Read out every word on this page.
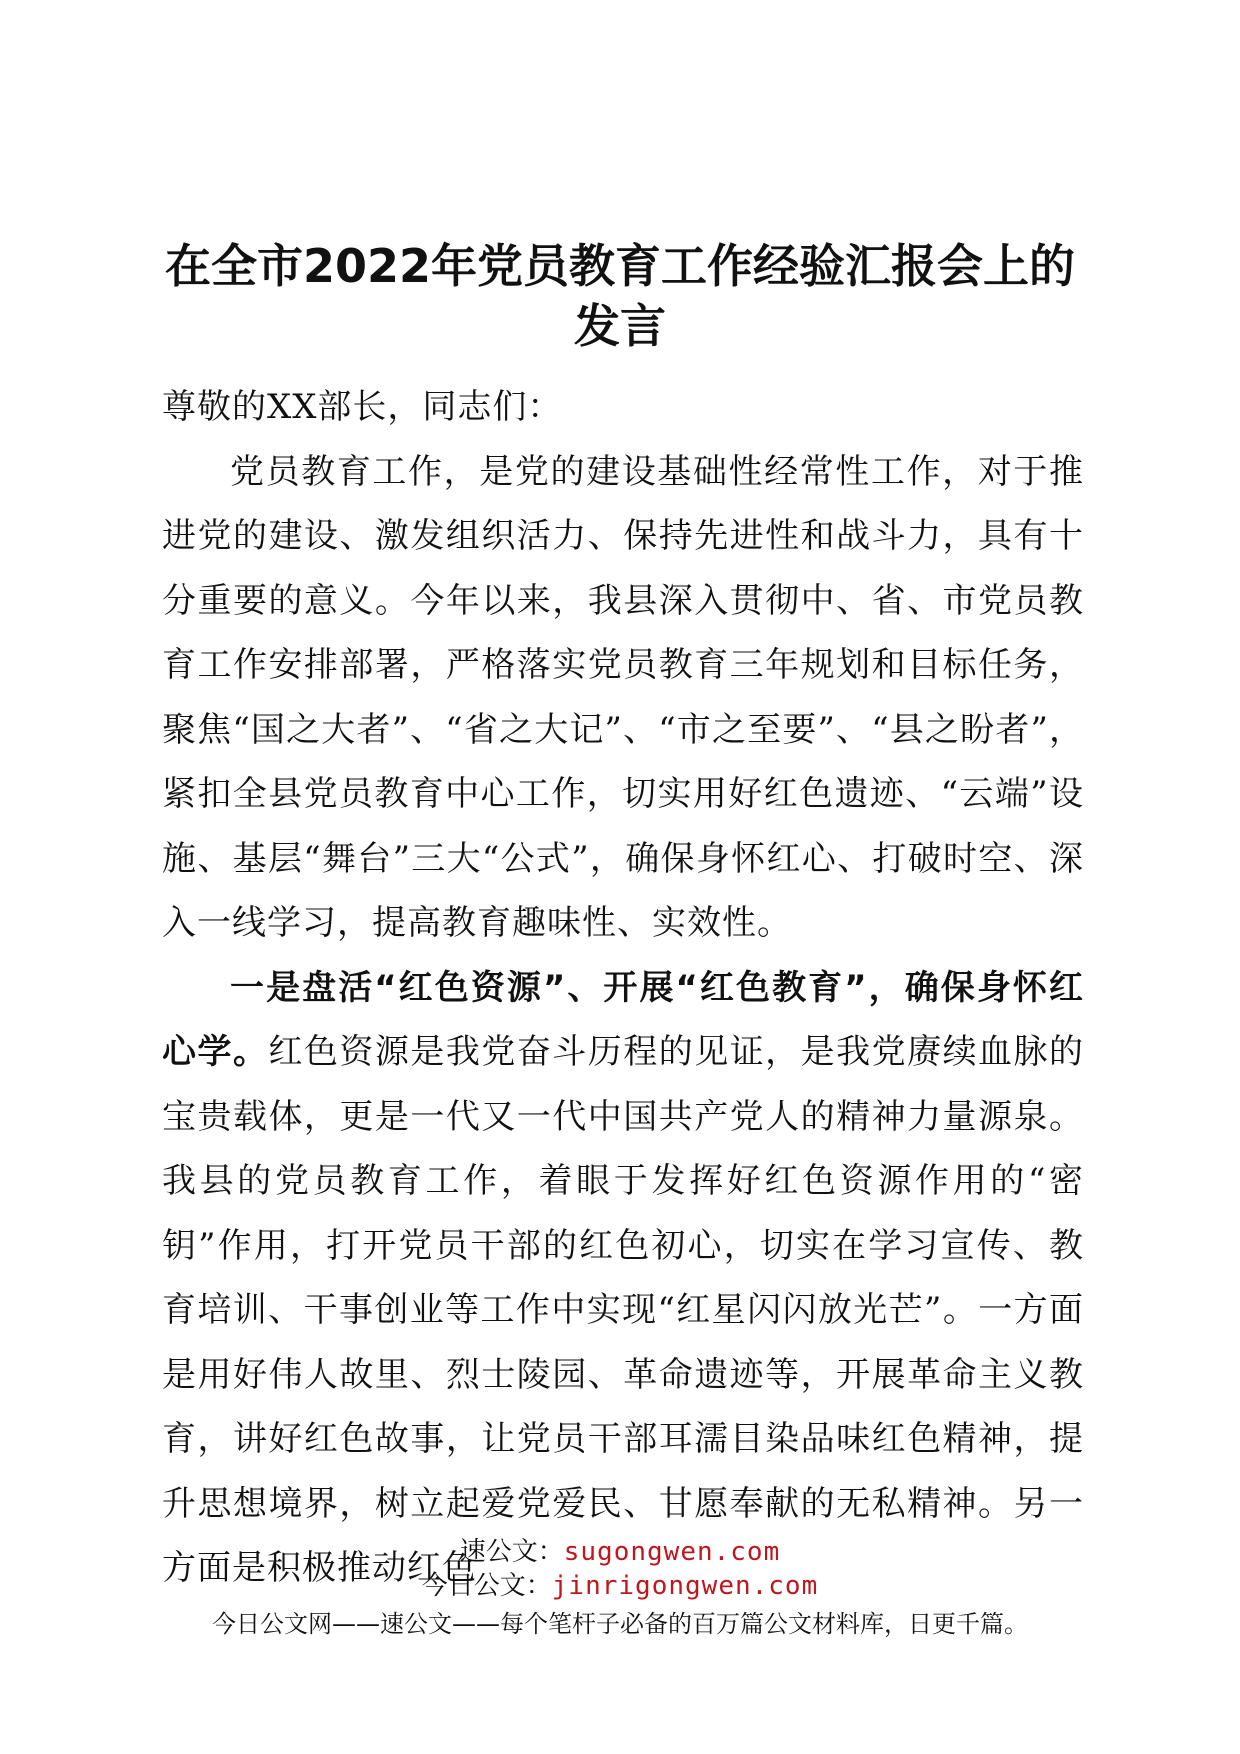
在全市2022年党员教育工作经验汇报会上的发言

尊敬的XX部长，同志们：

党员教育工作，是党的建设基础性经常性工作，对于推进党的建设、激发组织活力、保持先进性和战斗力，具有十分重要的意义。今年以来，我县深入贯彻中、省、市党员教育工作安排部署，严格落实党员教育三年规划和目标任务，聚焦“国之大者”、“省之大记”、“市之至要”、“县之盼者”，紧扣全县党员教育中心工作，切实用好红色遗迹、“云端”设施、基层“舞台”三大“公式”，确保身怀红心、打破时空、深入一线学习，提高教育趣味性、实效性。

一是盘活“红色资源”、开展“红色教育”，确保身怀红心学。红色资源是我党奋斗历程的见证，是我党赓续血脉的宝贵载体，更是一代又一代中国共产党人的精神力量源泉。我县的党员教育工作，着眼于发挥好红色资源作用的“密钥”作用，打开党员干部的红色初心，切实在学习宣传、教育培训、干事创业等工作中实现“红星闪闪放光芒”。一方面是用好伟人故里、烈士陵园、革命遗迹等，开展革命主义教育，讲好红色故事，让党员干部耳濡目染品味红色精神，提升思想境界，树立起爱党爱民、甘愿奉献的无私精神。另一方面是积极推动红色

速公文：sugongwen.com
今日公文：jinrigongwen.com
今日公文网——速公文——每个笔杆子必备的百万篇公文材料库，日更千篇。
